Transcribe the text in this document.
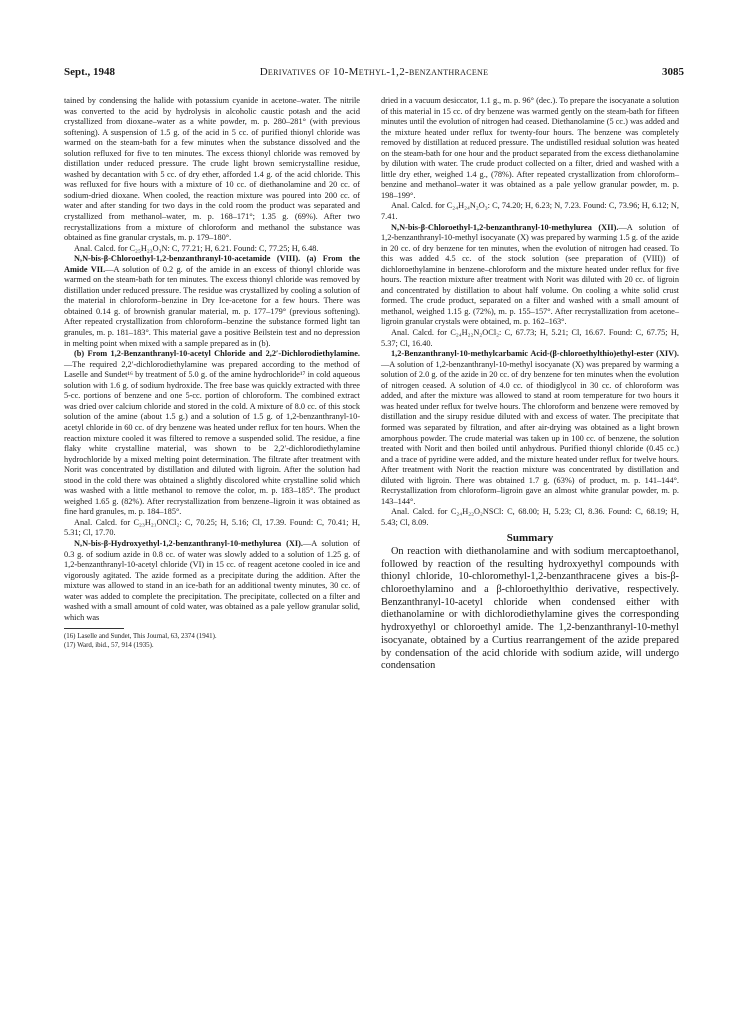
Sept., 1948	Derivatives of 10-Methyl-1,2-benzanthracene	3085

tained by condensing the halide with potassium cyanide in acetone–water. The nitrile was converted to the acid by hydrolysis in alcoholic caustic potash and the acid crystallized from dioxane–water as a white powder, m. p. 280–281° (with previous softening). A suspension of 1.5 g. of the acid in 5 cc. of purified thionyl chloride was warmed on the steam-bath for a few minutes when the substance dissolved and the solution refluxed for five to ten minutes. The excess thionyl chloride was removed by distillation under reduced pressure. The crude light brown semicrystalline residue, washed by decantation with 5 cc. of dry ether, afforded 1.4 g. of the acid chloride. This was refluxed for five hours with a mixture of 10 cc. of diethanolamine and 20 cc. of sodium-dried dioxane. When cooled, the reaction mixture was poured into 200 cc. of water and after standing for two days in the cold room the product was separated and crystallized from methanol–water, m. p. 168–171°; 1.35 g. (69%). After two recrystallizations from a mixture of chloroform and methanol the substance was obtained as fine granular crystals, m. p. 179–180°.

Anal. Calcd. for C₂₅H₂₃O₃N: C, 77.21; H, 6.21. Found: C, 77.25; H, 6.48.

N,N-bis-β-Chloroethyl-1,2-benzanthranyl-10-acetamide (VIII). (a) From the Amide VII.—A solution of 0.2 g. of the amide in an excess of thionyl chloride was warmed on the steam-bath for ten minutes. The excess thionyl chloride was removed by distillation under reduced pressure. The residue was crystallized by cooling a solution of the material in chloroform–benzine in Dry Ice-acetone for a few hours. There was obtained 0.14 g. of brownish granular material, m. p. 177–179° (previous softening). After repeated crystallization from chloroform–benzine the substance formed light tan granules, m. p. 181–183°. This material gave a positive Beilstein test and no depression in melting point when mixed with a sample prepared as in (b).

(b) From 1,2-Benzanthranyl-10-acetyl Chloride and 2,2′-Dichlorodiethylamine.—The required 2,2′-dichlorodiethylamine was prepared according to the method of Laselle and Sundet¹⁶ by treatment of 5.0 g. of the amine hydrochloride¹⁷ in cold aqueous solution with 1.6 g. of sodium hydroxide. The free base was quickly extracted with three 5-cc. portions of benzene and one 5-cc. portion of chloroform. The combined extract was dried over calcium chloride and stored in the cold. A mixture of 8.0 cc. of this stock solution of the amine (about 1.5 g.) and a solution of 1.5 g. of 1,2-benzanthranyl-10-acetyl chloride in 60 cc. of dry benzene was heated under reflux for ten hours. When the reaction mixture cooled it was filtered to remove a suspended solid. The residue, a fine flaky white crystalline material, was shown to be 2,2′-dichlorodiethylamine hydrochloride by a mixed melting point determination. The filtrate after treatment with Norit was concentrated by distillation and diluted with ligroin. After the solution had stood in the cold there was obtained a slightly discolored white crystalline solid which was washed with a little methanol to remove the color, m. p. 183–185°. The product weighed 1.65 g. (82%). After recrystallization from benzene–ligroin it was obtained as fine hard granules, m. p. 184–185°.

Anal. Calcd. for C₂₃H₂₁ONCl₂: C, 70.25; H, 5.16; Cl, 17.39. Found: C, 70.41; H, 5.31; Cl, 17.70.

N,N-bis-β-Hydroxyethyl-1,2-benzanthranyl-10-methylurea (XI).—A solution of 0.3 g. of sodium azide in 0.8 cc. of water was slowly added to a solution of 1.25 g. of 1,2-benzanthranyl-10-acetyl chloride (VI) in 15 cc. of reagent acetone cooled in ice and vigorously agitated. The azide formed as a precipitate during the addition. After the mixture was allowed to stand in an ice-bath for an additional twenty minutes, 30 cc. of water was added to complete the precipitation. The precipitate, collected on a filter and washed with a small amount of cold water, was obtained as a pale yellow granular solid, which was

(16) Laselle and Sundet, This Journal, 63, 2374 (1941).

(17) Ward, ibid., 57, 914 (1935).

dried in a vacuum desiccator, 1.1 g., m. p. 96° (dec.). To prepare the isocyanate a solution of this material in 15 cc. of dry benzene was warmed gently on the steam-bath for fifteen minutes until the evolution of nitrogen had ceased. Diethanolamine (5 cc.) was added and the mixture heated under reflux for twenty-four hours. The benzene was completely removed by distillation at reduced pressure. The undistilled residual solution was heated on the steam-bath for one hour and the product separated from the excess diethanolamine by dilution with water. The crude product collected on a filter, dried and washed with a little dry ether, weighed 1.4 g., (78%). After repeated crystallization from chloroform–benzine and methanol–water it was obtained as a pale yellow granular powder, m. p. 198–199°.

Anal. Calcd. for C₂₄H₂₄N₂O₃: C, 74.20; H, 6.23; N, 7.23. Found: C, 73.96; H, 6.12; N, 7.41.

N,N-bis-β-Chloroethyl-1,2-benzanthranyl-10-methylurea (XII).—A solution of 1,2-benzanthranyl-10-methyl isocyanate (X) was prepared by warming 1.5 g. of the azide in 20 cc. of dry benzene for ten minutes, when the evolution of nitrogen had ceased. To this was added 4.5 cc. of the stock solution (see preparation of (VIII)) of dichloroethylamine in benzene–chloroform and the mixture heated under reflux for five hours. The reaction mixture after treatment with Norit was diluted with 20 cc. of ligroin and concentrated by distillation to about half volume. On cooling a white solid crust formed. The crude product, separated on a filter and washed with a small amount of methanol, weighed 1.15 g. (72%), m. p. 155–157°. After recrystallization from acetone–ligroin granular crystals were obtained, m. p. 162–163°.

Anal. Calcd. for C₂₄H₂₂N₂OCl₂: C, 67.73; H, 5.21; Cl, 16.67. Found: C, 67.75; H, 5.37; Cl, 16.40.

1,2-Benzanthranyl-10-methylcarbamic Acid-(β-chloroethylthio)ethyl-ester (XIV).—A solution of 1,2-benzanthranyl-10-methyl isocyanate (X) was prepared by warming a solution of 2.0 g. of the azide in 20 cc. of dry benzene for ten minutes when the evolution of nitrogen ceased. A solution of 4.0 cc. of thiodiglycol in 30 cc. of chloroform was added, and after the mixture was allowed to stand at room temperature for two hours it was heated under reflux for twelve hours. The chloroform and benzene were removed by distillation and the sirupy residue diluted with and excess of water. The precipitate that formed was separated by filtration, and after air-drying was obtained as a light brown amorphous powder. The crude material was taken up in 100 cc. of benzene, the solution treated with Norit and then boiled until anhydrous. Purified thionyl chloride (0.45 cc.) and a trace of pyridine were added, and the mixture heated under reflux for twelve hours. After treatment with Norit the reaction mixture was concentrated by distillation and diluted with ligroin. There was obtained 1.7 g. (63%) of product, m. p. 141–144°. Recrystallization from chloroform–ligroin gave an almost white granular powder, m. p. 143–144°.

Anal. Calcd. for C₂₄H₂₂O₂NSCl: C, 68.00; H, 5.23; Cl, 8.36. Found: C, 68.19; H, 5.43; Cl, 8.09.

Summary

On reaction with diethanolamine and with sodium mercaptoethanol, followed by reaction of the resulting hydroxyethyl compounds with thionyl chloride, 10-chloromethyl-1,2-benzanthracene gives a bis-β-chloroethylamino and a β-chloroethylthio derivative, respectively. Benzanthranyl-10-acetyl chloride when condensed either with diethanolamine or with dichlorodiethylamine gives the corresponding hydroxyethyl or chloroethyl amide. The 1,2-benzanthranyl-10-methyl isocyanate, obtained by a Curtius rearrangement of the azide prepared by condensation of the acid chloride with sodium azide, will undergo condensation
